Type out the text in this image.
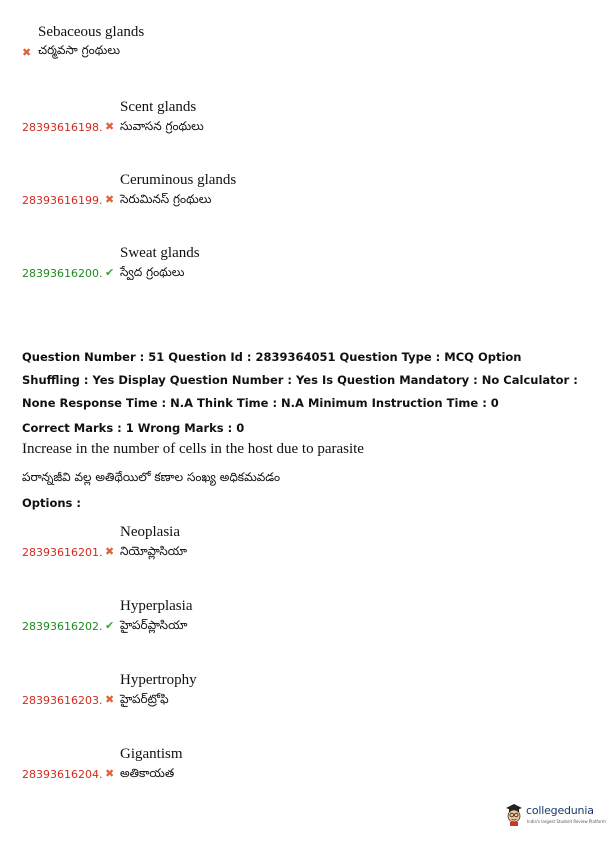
Sebaceous glands
✖ చర్మవసా గ్రంథులు
Scent glands
28393616198. ✖ సువాసన గ్రంథులు
Ceruminous glands
28393616199. ✖ సెరుమినస్ గ్రంథులు
Sweat glands
28393616200. ✔ స్వేద గ్రంథులు
Question Number : 51 Question Id : 2839364051 Question Type : MCQ Option Shuffling : Yes Display Question Number : Yes Is Question Mandatory : No Calculator : None Response Time : N.A Think Time : N.A Minimum Instruction Time : 0
Correct Marks : 1 Wrong Marks : 0
Increase in the number of cells in the host due to parasite
పరాన్నజీవి వల్ల అతిథేయిలో కణాల సంఖ్య అధికమవడం
Options :
Neoplasia
28393616201. ✖ నియోప్లాసియా
Hyperplasia
28393616202. ✔ హైపర్‌ప్లాసియా
Hypertrophy
28393616203. ✖ హైపర్‌ట్రోఫి
Gigantism
28393616204. ✖ అతికాయత
collegedunia
India's largest Student Review Platform
